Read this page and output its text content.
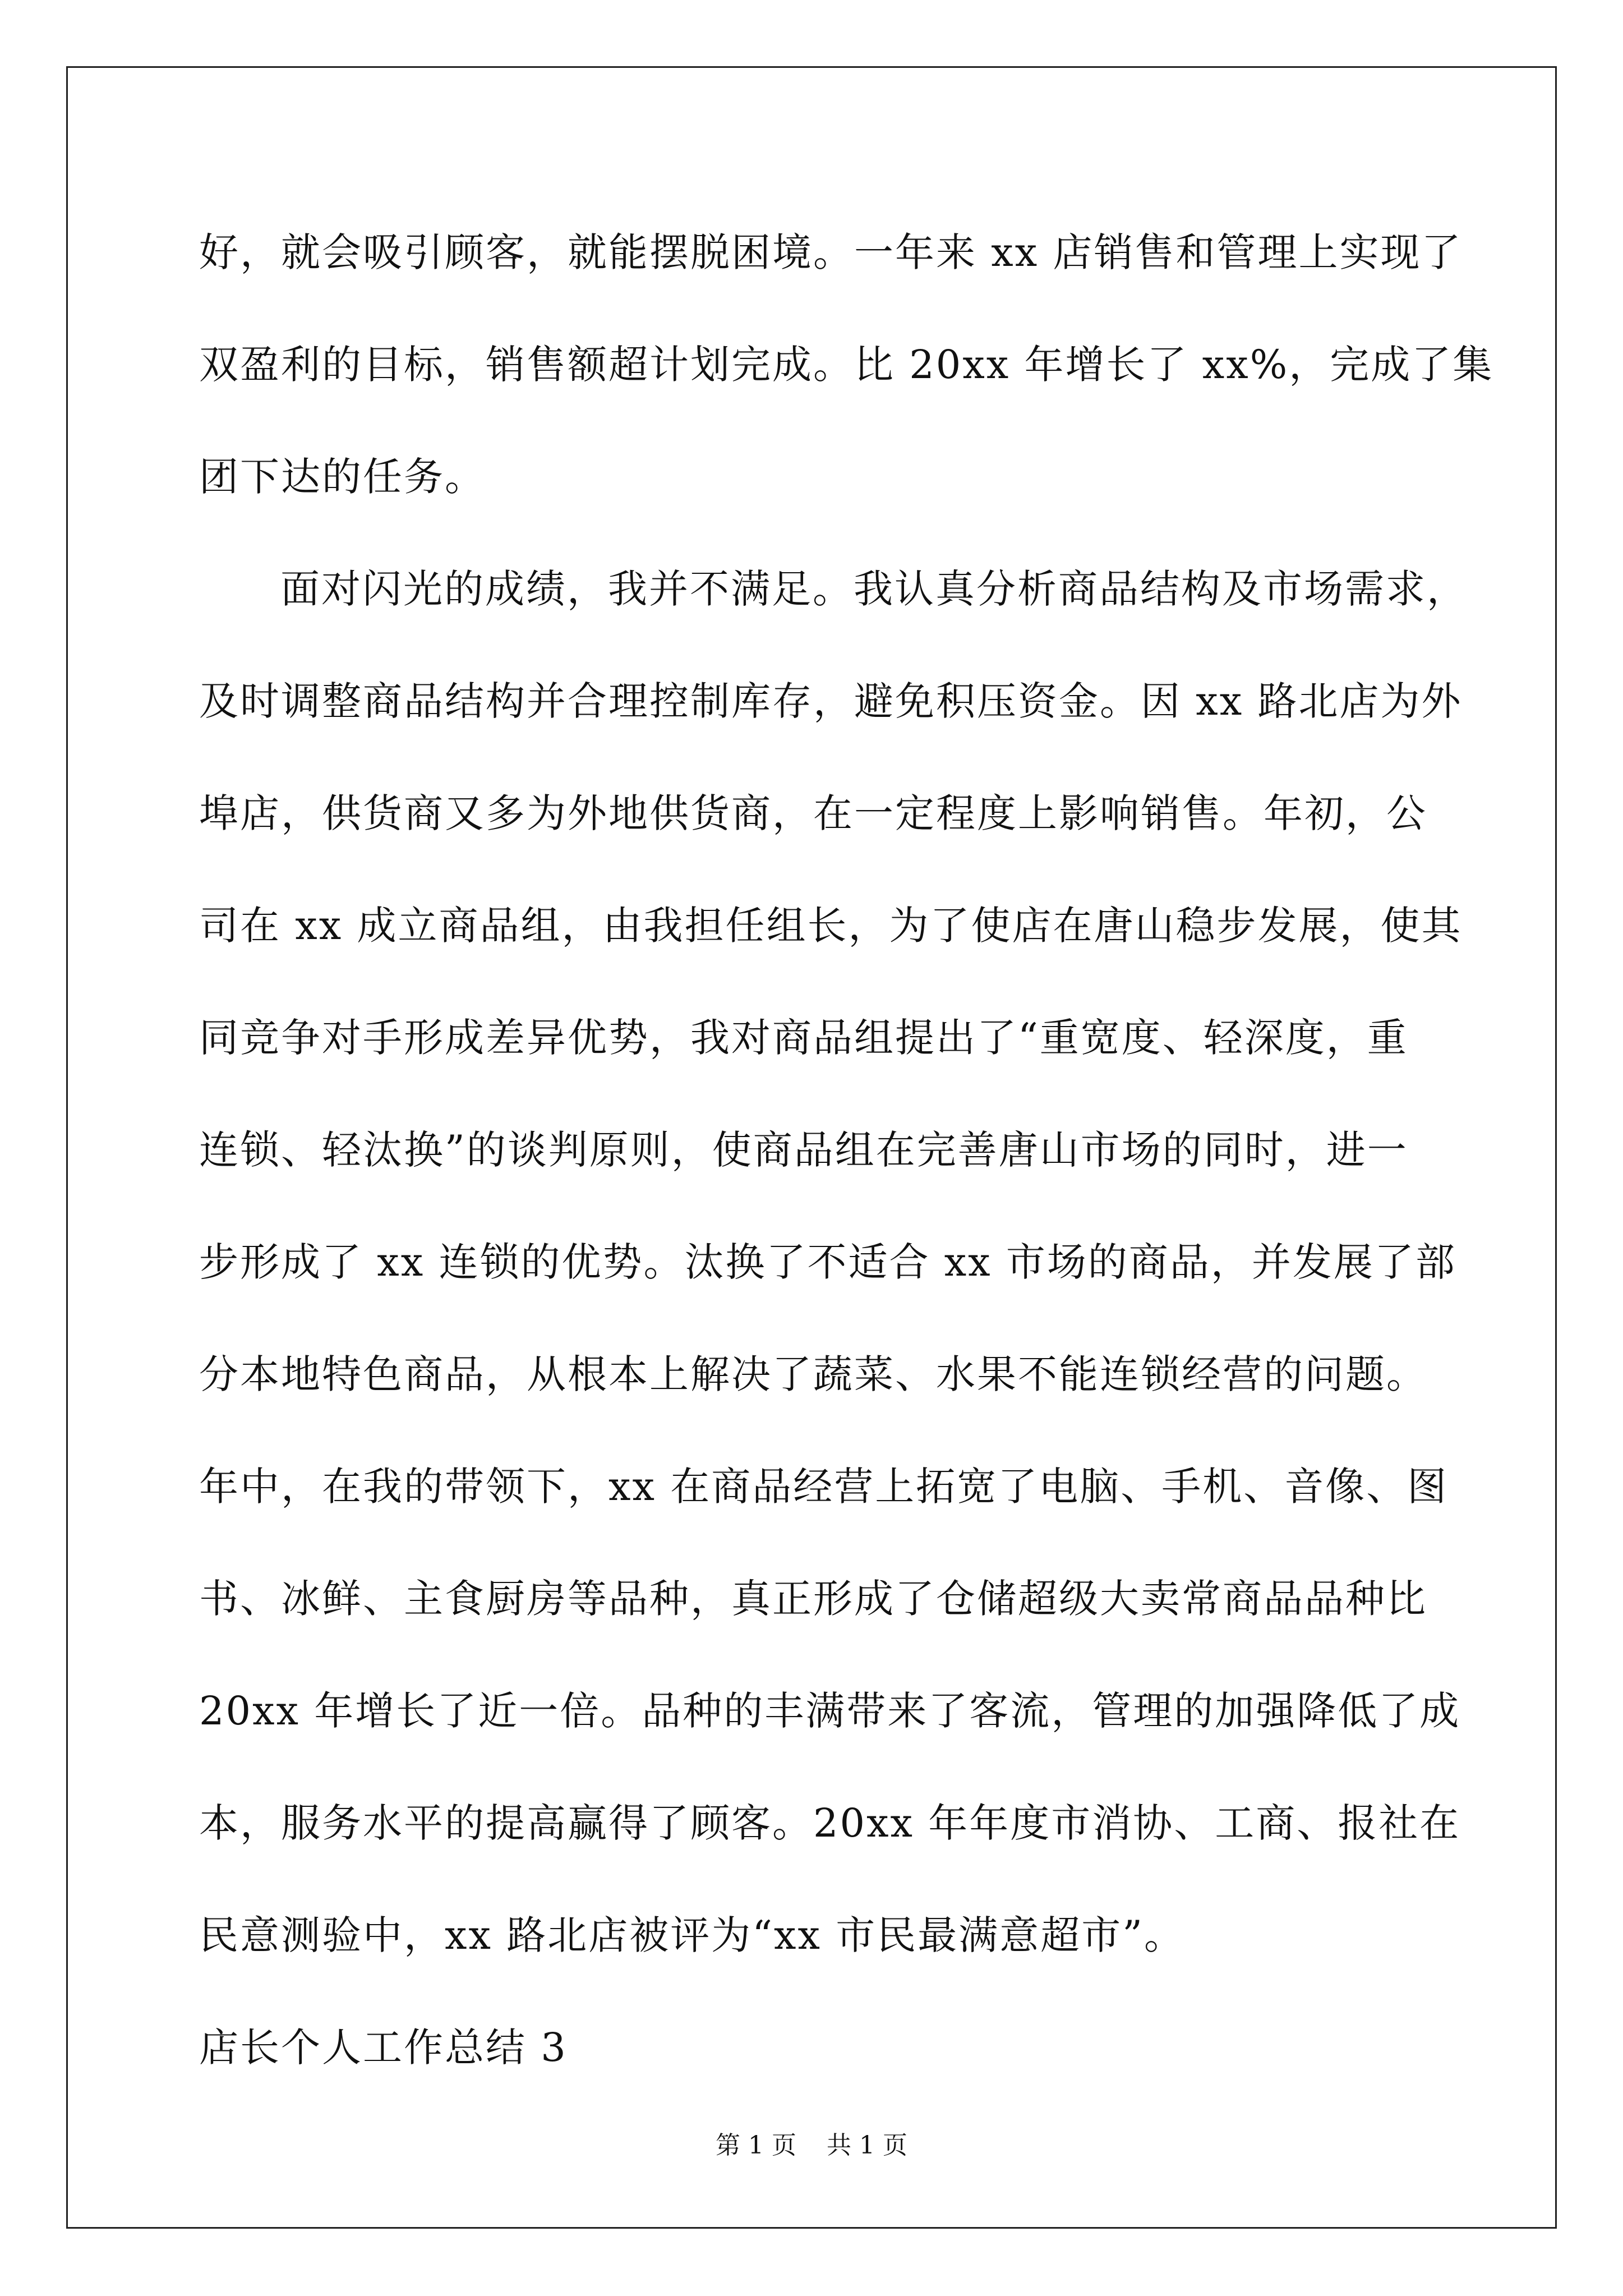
好，就会吸引顾客，就能摆脱困境。一年来 xx 店销售和管理上实现了
双盈利的目标，销售额超计划完成。比 20xx 年增长了 xx%，完成了集
团下达的任务。
面对闪光的成绩，我并不满足。我认真分析商品结构及市场需求，
及时调整商品结构并合理控制库存，避免积压资金。因 xx 路北店为外
埠店，供货商又多为外地供货商，在一定程度上影响销售。年初，公
司在 xx 成立商品组，由我担任组长，为了使店在唐山稳步发展，使其
同竞争对手形成差异优势，我对商品组提出了“重宽度、轻深度，重
连锁、轻汰换”的谈判原则，使商品组在完善唐山市场的同时，进一
步形成了 xx 连锁的优势。汰换了不适合 xx 市场的商品，并发展了部
分本地特色商品，从根本上解决了蔬菜、水果不能连锁经营的问题。
年中，在我的带领下，xx 在商品经营上拓宽了电脑、手机、音像、图
书、冰鲜、主食厨房等品种，真正形成了仓储超级大卖常商品品种比
20xx 年增长了近一倍。品种的丰满带来了客流，管理的加强降低了成
本，服务水平的提高赢得了顾客。20xx 年年度市消协、工商、报社在
民意测验中，xx 路北店被评为“xx 市民最满意超市”。
店长个人工作总结 3
第 1 页 共 1 页
